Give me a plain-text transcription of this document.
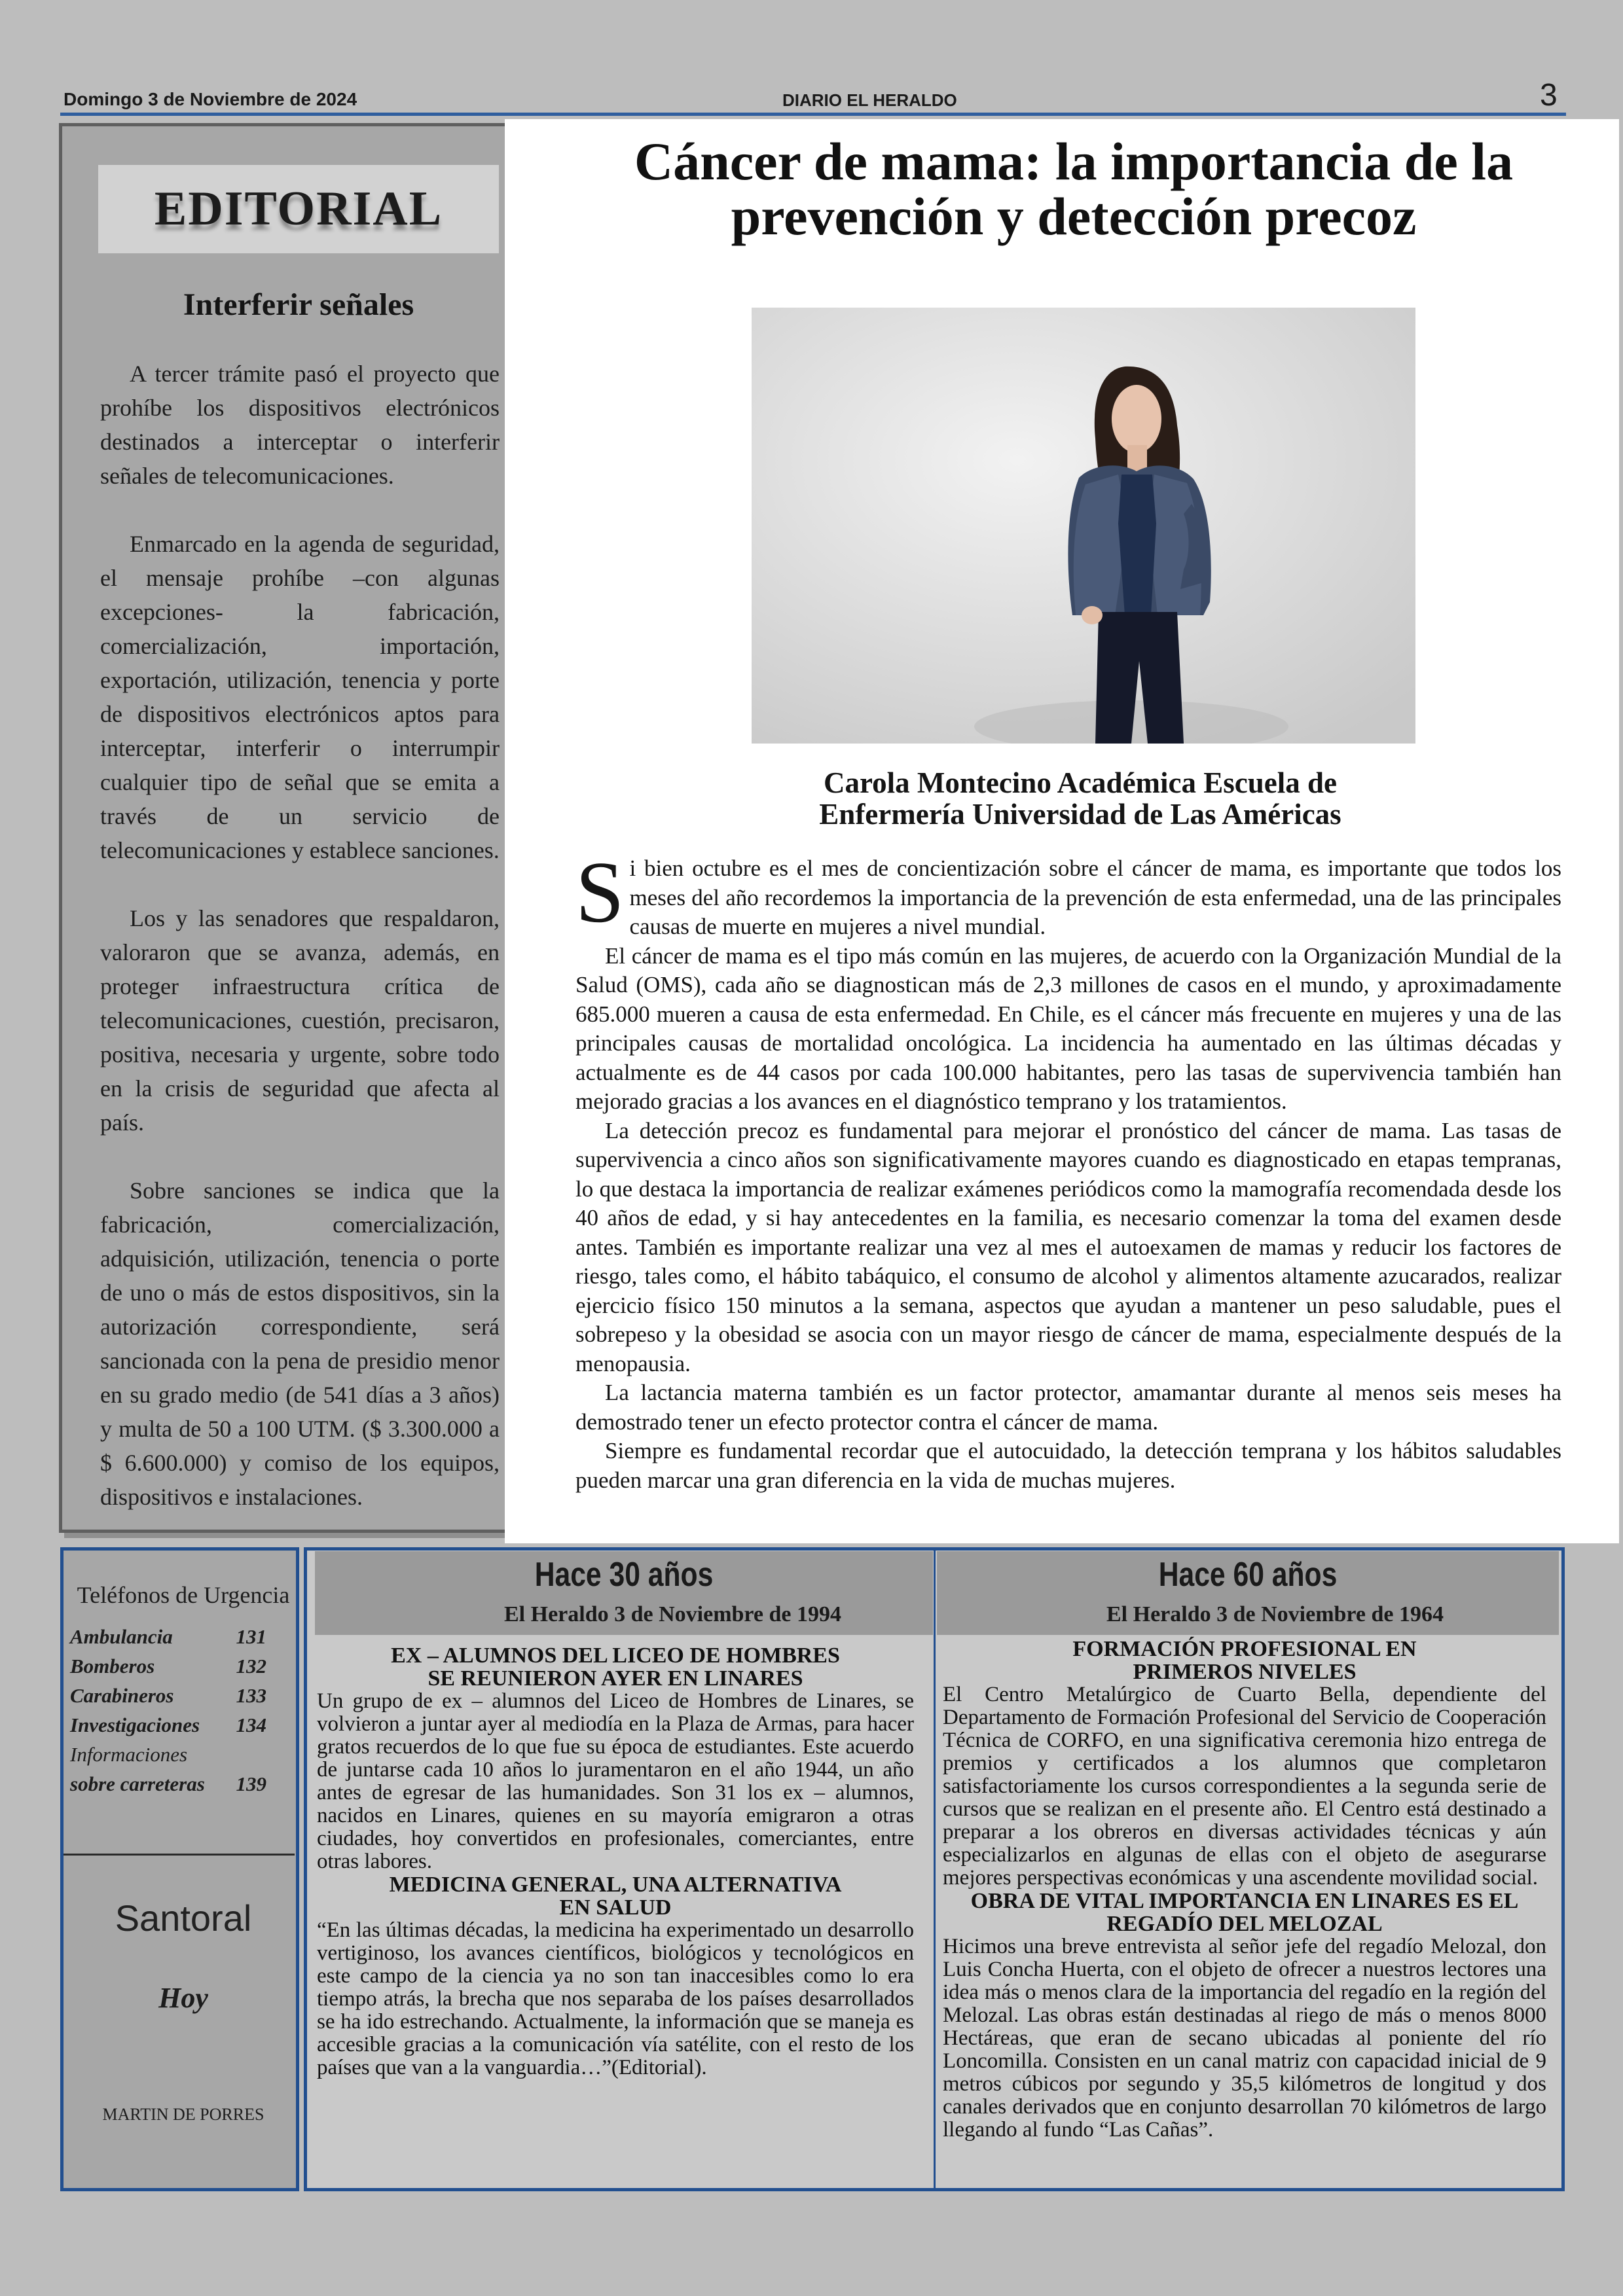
Domingo 3 de Noviembre de 2024	DIARIO EL HERALDO	3
EDITORIAL
Interferir señales

A tercer trámite pasó el proyecto que prohíbe los dispositivos electrónicos destinados a interceptar o interferir señales de telecomunicaciones.

Enmarcado en la agenda de seguridad, el mensaje prohíbe –con algunas excepciones- la fabricación, comercialización, importación, exportación, utilización, tenencia y porte de dispositivos electrónicos aptos para interceptar, interferir o interrumpir cualquier tipo de señal que se emita a través de un servicio de telecomunicaciones y establece sanciones.

Los y las senadores que respaldaron, valoraron que se avanza, además, en proteger infraestructura crítica de telecomunicaciones, cuestión, precisaron, positiva, necesaria y urgente, sobre todo en la crisis de seguridad que afecta al país.

Sobre sanciones se indica que la fabricación, comercialización, adquisición, utilización, tenencia o porte de uno o más de estos dispositivos, sin la autorización correspondiente, será sancionada con la pena de presidio menor en su grado medio (de 541 días a 3 años) y multa de 50 a 100 UTM. ($ 3.300.000 a $ 6.600.000) y comiso de los equipos, dispositivos e instalaciones.

Cáncer de mama: la importancia de la
prevención y detección precoz
Carola Montecino Académica Escuela de
Enfermería Universidad de Las Américas

Si bien octubre es el mes de concientización sobre el cáncer de mama, es importante que todos los meses del año recordemos la importancia de la prevención de esta enfermedad, una de las principales causas de muerte en mujeres a nivel mundial.

El cáncer de mama es el tipo más común en las mujeres, de acuerdo con la Organización Mundial de la Salud (OMS), cada año se diagnostican más de 2,3 millones de casos en el mundo, y aproximadamente 685.000 mueren a causa de esta enfermedad. En Chile, es el cáncer más frecuente en mujeres y una de las principales causas de mortalidad oncológica. La incidencia ha aumentado en las últimas décadas y actualmente es de 44 casos por cada 100.000 habitantes, pero las tasas de supervivencia también han mejorado gracias a los avances en el diagnóstico temprano y los tratamientos.

La detección precoz es fundamental para mejorar el pronóstico del cáncer de mama. Las tasas de supervivencia a cinco años son significativamente mayores cuando es diagnosticado en etapas tempranas, lo que destaca la importancia de realizar exámenes periódicos como la mamografía recomendada desde los 40 años de edad, y si hay antecedentes en la familia, es necesario comenzar la toma del examen desde antes. También es importante realizar una vez al mes el autoexamen de mamas y reducir los factores de riesgo, tales como, el hábito tabáquico, el consumo de alcohol y alimentos altamente azucarados, realizar ejercicio físico 150 minutos a la semana, aspectos que ayudan a mantener un peso saludable, pues el sobrepeso y la obesidad se asocia con un mayor riesgo de cáncer de mama, especialmente después de la menopausia.

La lactancia materna también es un factor protector, amamantar durante al menos seis meses ha demostrado tener un efecto protector contra el cáncer de mama.

Siempre es fundamental recordar que el autocuidado, la detección temprana y los hábitos saludables pueden marcar una gran diferencia en la vida de muchas mujeres.

Teléfonos de Urgencia
Ambulancia	131
Bomberos	132
Carabineros	133
Investigaciones 134
Informaciones
sobre carreteras 139
Santoral
Hoy
MARTIN DE PORRES
Hace 30 años
El Heraldo 3 de Noviembre de 1994
Hace 60 años
El Heraldo 3 de Noviembre de 1964
EX – ALUMNOS DEL LICEO DE HOMBRES
SE REUNIERON AYER EN LINARES

Un grupo de ex – alumnos del Liceo de Hombres de Linares, se volvieron a juntar ayer al mediodía en la Plaza de Armas, para hacer gratos recuerdos de lo que fue su época de estudiantes. Este acuerdo de juntarse cada 10 años lo juramentaron en el año 1944, un año antes de egresar de las humanidades. Son 31 los ex – alumnos, nacidos en Linares, quienes en su mayoría emigraron a otras ciudades, hoy convertidos en profesionales, comerciantes, entre otras labores.

MEDICINA GENERAL, UNA ALTERNATIVA
EN SALUD

“En las últimas décadas, la medicina ha experimentado un desarrollo vertiginoso, los avances científicos, biológicos y tecnológicos en este campo de la ciencia ya no son tan inaccesibles como lo era tiempo atrás, la brecha que nos separaba de los países desarrollados se ha ido estrechando. Actualmente, la información que se maneja es accesible gracias a la comunicación vía satélite, con el resto de los países que van a la vanguardia…”(Editorial).

FORMACIÓN PROFESIONAL EN
PRIMEROS NIVELES

El Centro Metalúrgico de Cuarto Bella, dependiente del Departamento de Formación Profesional del Servicio de Cooperación Técnica de CORFO, en una significativa ceremonia hizo entrega de premios y certificados a los alumnos que completaron satisfactoriamente los cursos correspondientes a la segunda serie de cursos que se realizan en el presente año. El Centro está destinado a preparar a los obreros en diversas actividades técnicas y aún especializarlos en algunas de ellas con el objeto de asegurarse mejores perspectivas económicas y una ascendente movilidad social.

OBRA DE VITAL IMPORTANCIA EN LINARES ES EL
REGADÍO DEL MELOZAL

Hicimos una breve entrevista al señor jefe del regadío Melozal, don Luis Concha Huerta, con el objeto de ofrecer a nuestros lectores una idea más o menos clara de la importancia del regadío en la región del Melozal. Las obras están destinadas al riego de más o menos 8000 Hectáreas, que eran de secano ubicadas al poniente del río Loncomilla. Consisten en un canal matriz con capacidad inicial de 9 metros cúbicos por segundo y 35,5 kilómetros de longitud y dos canales derivados que en conjunto desarrollan 70 kilómetros de largo llegando al fundo “Las Cañas”.
